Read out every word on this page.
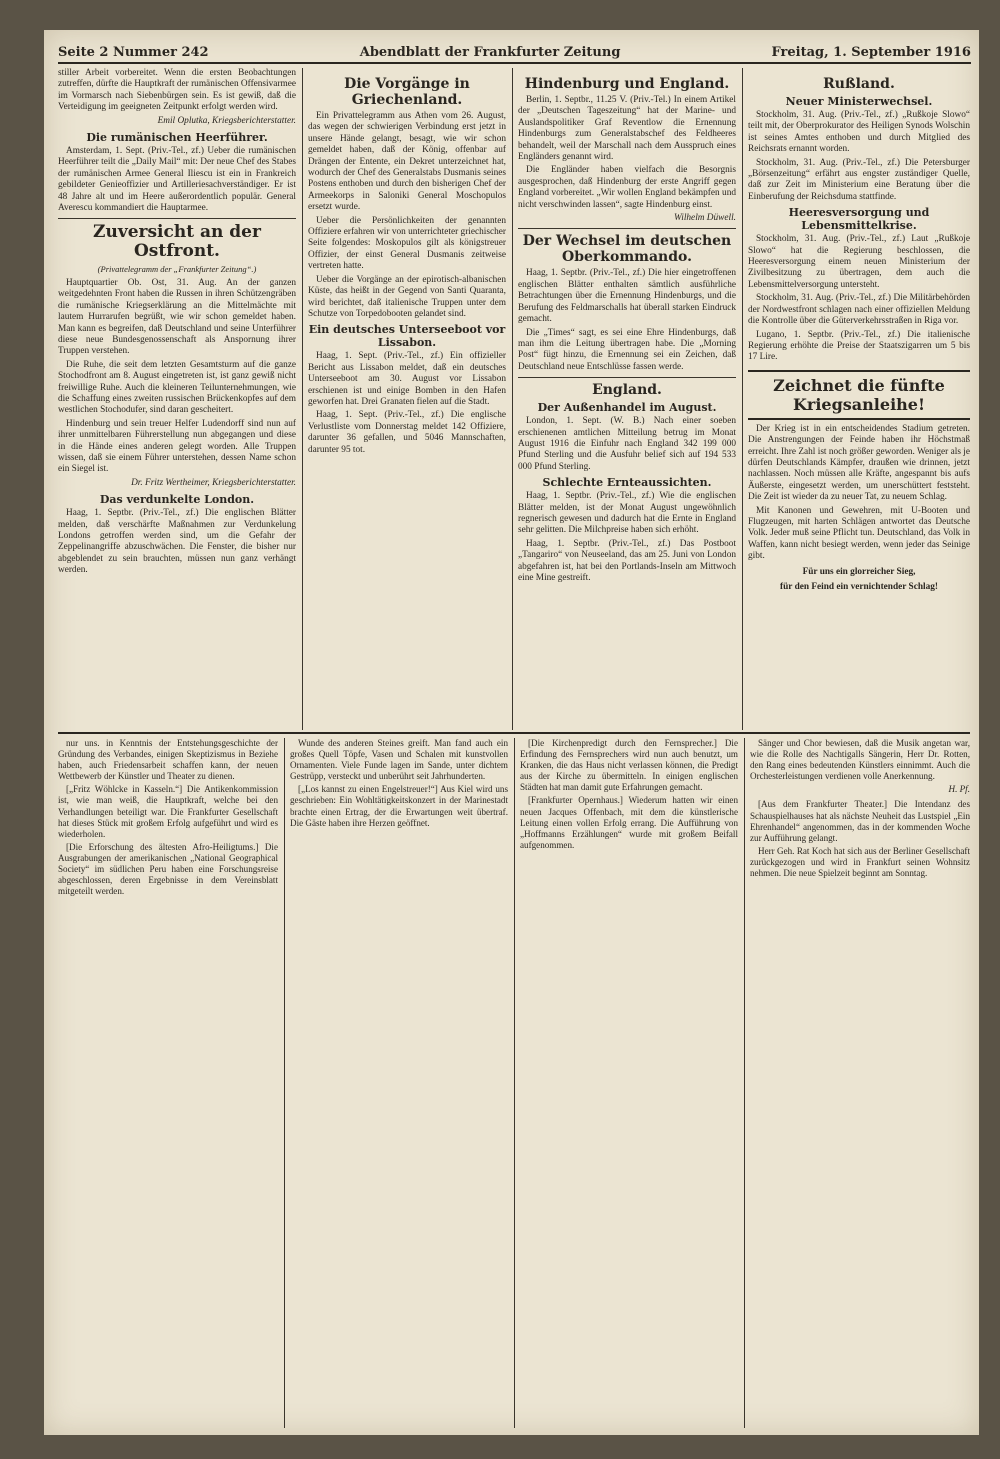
Seite 2 Nummer 242	Abendblatt der Frankfurter Zeitung	Freitag, 1. September 1916

stiller Arbeit vorbereitet. Wenn die ersten Beobachtungen zutreffen, dürfte die Hauptkraft der rumänischen Offensivarmee im Vormarsch nach Siebenbürgen sein. Es ist gewiß, daß die Verteidigung im geeigneten Zeitpunkt erfolgt werden wird.

Emil Oplutka, Kriegsberichterstatter.
Die rumänischen Heerführer.

Amsterdam, 1. Sept. (Priv.-Tel., zf.) Ueber die rumänischen Heerführer teilt die „Daily Mail“ mit: Der neue Chef des Stabes der rumänischen Armee General Iliescu ist ein in Frankreich gebildeter Genieoffizier und Artilleriesachverständiger. Er ist 48 Jahre alt und im Heere außerordentlich populär. General Averescu kommandiert die Hauptarmee.

Zuversicht an der Ostfront.
(Privattelegramm der „Frankfurter Zeitung“.)

Hauptquartier Ob. Ost, 31. Aug. An der ganzen weitgedehnten Front haben die Russen in ihren Schützengräben die rumänische Kriegserklärung an die Mittelmächte mit lautem Hurrarufen begrüßt, wie wir schon gemeldet haben. Man kann es begreifen, daß Deutschland und seine Unterführer diese neue Bundesgenossenschaft als Anspornung ihrer Truppen verstehen.

Die Ruhe, die seit dem letzten Gesamtsturm auf die ganze Stochodfront am 8. August eingetreten ist, ist ganz gewiß nicht freiwillige Ruhe. Auch die kleineren Teilunternehmungen, wie die Schaffung eines zweiten russischen Brückenkopfes auf dem westlichen Stochodufer, sind daran gescheitert.

Hindenburg und sein treuer Helfer Ludendorff sind nun auf ihrer unmittelbaren Führerstellung nun abgegangen und diese in die Hände eines anderen gelegt worden. Alle Truppen wissen, daß sie einem Führer unterstehen, dessen Name schon ein Siegel ist.

Dr. Fritz Wertheimer, Kriegsberichterstatter.
Das verdunkelte London.

Haag, 1. Septbr. (Priv.-Tel., zf.) Die englischen Blätter melden, daß verschärfte Maßnahmen zur Verdunkelung Londons getroffen werden sind, um die Gefahr der Zeppelinangriffe abzuschwächen. Die Fenster, die bisher nur abgeblendet zu sein brauchten, müssen nun ganz verhängt werden.

Die Vorgänge in Griechenland.

Ein Privattelegramm aus Athen vom 26. August, das wegen der schwierigen Verbindung erst jetzt in unsere Hände gelangt, besagt, wie wir schon gemeldet haben, daß der König, offenbar auf Drängen der Entente, ein Dekret unterzeichnet hat, wodurch der Chef des Generalstabs Dusmanis seines Postens enthoben und durch den bisherigen Chef der Armeekorps in Saloniki General Moschopulos ersetzt wurde.

Ueber die Persönlichkeiten der genannten Offiziere erfahren wir von unterrichteter griechischer Seite folgendes: Moskopulos gilt als königstreuer Offizier, der einst General Dusmanis zeitweise vertreten hatte.

Ueber die Vorgänge an der epirotisch-albanischen Küste, das heißt in der Gegend von Santi Quaranta, wird berichtet, daß italienische Truppen unter dem Schutze von Torpedobooten gelandet sind.

Ein deutsches Unterseeboot vor Lissabon.

Haag, 1. Sept. (Priv.-Tel., zf.) Ein offizieller Bericht aus Lissabon meldet, daß ein deutsches Unterseeboot am 30. August vor Lissabon erschienen ist und einige Bomben in den Hafen geworfen hat. Drei Granaten fielen auf die Stadt.

Haag, 1. Sept. (Priv.-Tel., zf.) Die englische Verlustliste vom Donnerstag meldet 142 Offiziere, darunter 36 gefallen, und 5046 Mannschaften, darunter 95 tot.

Hindenburg und England.

Berlin, 1. Septbr., 11.25 V. (Priv.-Tel.) In einem Artikel der „Deutschen Tageszeitung“ hat der Marine- und Auslandspolitiker Graf Reventlow die Ernennung Hindenburgs zum Generalstabschef des Feldheeres behandelt, weil der Marschall nach dem Ausspruch eines Engländers genannt wird.

Die Engländer haben vielfach die Besorgnis ausgesprochen, daß Hindenburg der erste Angriff gegen England vorbereitet. „Wir wollen England bekämpfen und nicht verschwinden lassen“, sagte Hindenburg einst.

Wilhelm Düwell.
Der Wechsel im deutschen Oberkommando.

Haag, 1. Septbr. (Priv.-Tel., zf.) Die hier eingetroffenen englischen Blätter enthalten sämtlich ausführliche Betrachtungen über die Ernennung Hindenburgs, und die Berufung des Feldmarschalls hat überall starken Eindruck gemacht.

Die „Times“ sagt, es sei eine Ehre Hindenburgs, daß man ihm die Leitung übertragen habe. Die „Morning Post“ fügt hinzu, die Ernennung sei ein Zeichen, daß Deutschland neue Entschlüsse fassen werde.

England.
Der Außenhandel im August.

London, 1. Sept. (W. B.) Nach einer soeben erschienenen amtlichen Mitteilung betrug im Monat August 1916 die Einfuhr nach England 342 199 000 Pfund Sterling und die Ausfuhr belief sich auf 194 533 000 Pfund Sterling.

Schlechte Ernteaussichten.

Haag, 1. Septbr. (Priv.-Tel., zf.) Wie die englischen Blätter melden, ist der Monat August ungewöhnlich regnerisch gewesen und dadurch hat die Ernte in England sehr gelitten. Die Milchpreise haben sich erhöht.

Haag, 1. Septbr. (Priv.-Tel., zf.) Das Postboot „Tangariro“ von Neuseeland, das am 25. Juni von London abgefahren ist, hat bei den Portlands-Inseln am Mittwoch eine Mine gestreift.

Rußland.
Neuer Ministerwechsel.

Stockholm, 31. Aug. (Priv.-Tel., zf.) „Rußkoje Slowo“ teilt mit, der Oberprokurator des Heiligen Synods Wolschin ist seines Amtes enthoben und durch Mitglied des Reichsrats ernannt worden.

Stockholm, 31. Aug. (Priv.-Tel., zf.) Die Petersburger „Börsenzeitung“ erfährt aus engster zuständiger Quelle, daß zur Zeit im Ministerium eine Beratung über die Einberufung der Reichsduma stattfinde.

Heeresversorgung und Lebensmittelkrise.

Stockholm, 31. Aug. (Priv.-Tel., zf.) Laut „Rußkoje Slowo“ hat die Regierung beschlossen, die Heeresversorgung einem neuen Ministerium der Zivilbesitzung zu übertragen, dem auch die Lebensmittelversorgung untersteht.

Stockholm, 31. Aug. (Priv.-Tel., zf.) Die Militärbehörden der Nordwestfront schlagen nach einer offiziellen Meldung die Kontrolle über die Güterverkehrsstraßen in Riga vor.

Lugano, 1. Septbr. (Priv.-Tel., zf.) Die italienische Regierung erhöhte die Preise der Staatszigarren um 5 bis 17 Lire.

Zeichnet die fünfte Kriegsanleihe!

Der Krieg ist in ein entscheidendes Stadium getreten. Die Anstrengungen der Feinde haben ihr Höchstmaß erreicht. Ihre Zahl ist noch größer geworden. Weniger als je dürfen Deutschlands Kämpfer, draußen wie drinnen, jetzt nachlassen. Noch müssen alle Kräfte, angespannt bis aufs Äußerste, eingesetzt werden, um unerschüttert feststeht. Die Zeit ist wieder da zu neuer Tat, zu neuem Schlag.

Mit Kanonen und Gewehren, mit U-Booten und Flugzeugen, mit harten Schlägen antwortet das Deutsche Volk. Jeder muß seine Pflicht tun. Deutschland, das Volk in Waffen, kann nicht besiegt werden, wenn jeder das Seinige gibt.

Für uns ein glorreicher Sieg,
für den Feind ein vernichtender Schlag!

nur uns. in Kenntnis der Entstehungsgeschichte der Gründung des Verbandes, einigen Skeptizismus in Beziehe haben, auch Friedensarbeit schaffen kann, der neuen Wettbewerb der Künstler und Theater zu dienen.

[„Fritz Wöhlcke in Kasseln.“] Die Antikenkommission ist, wie man weiß, die Hauptkraft, welche bei den Verhandlungen beteiligt war. Die Frankfurter Gesellschaft hat dieses Stück mit großem Erfolg aufgeführt und wird es wiederholen.

[Die Erforschung des ältesten Afro-Heiligtums.] Die Ausgrabungen der amerikanischen „National Geographical Society“ im südlichen Peru haben eine Forschungsreise abgeschlossen, deren Ergebnisse in dem Vereinsblatt mitgeteilt werden.

Wunde des anderen Steines greift. Man fand auch ein großes Quell Töpfe, Vasen und Schalen mit kunstvollen Ornamenten. Viele Funde lagen im Sande, unter dichtem Gestrüpp, versteckt und unberührt seit Jahrhunderten.

[„Los kannst zu einen Engelstreuer!“] Aus Kiel wird uns geschrieben: Ein Wohltätigkeitskonzert in der Marinestadt brachte einen Ertrag, der die Erwartungen weit übertraf. Die Gäste haben ihre Herzen geöffnet.

[Die Kirchenpredigt durch den Fernsprecher.] Die Erfindung des Fernsprechers wird nun auch benutzt, um Kranken, die das Haus nicht verlassen können, die Predigt aus der Kirche zu übermitteln. In einigen englischen Städten hat man damit gute Erfahrungen gemacht.

[Frankfurter Opernhaus.] Wiederum hatten wir einen neuen Jacques Offenbach, mit dem die künstlerische Leitung einen vollen Erfolg errang. Die Aufführung von „Hoffmanns Erzählungen“ wurde mit großem Beifall aufgenommen.

Sänger und Chor bewiesen, daß die Musik angetan war, wie die Rolle des Nachtigalls Sängerin, Herr Dr. Rotten, den Rang eines bedeutenden Künstlers einnimmt. Auch die Orchesterleistungen verdienen volle Anerkennung.

H. Pf.

[Aus dem Frankfurter Theater.] Die Intendanz des Schauspielhauses hat als nächste Neuheit das Lustspiel „Ein Ehrenhandel“ angenommen, das in der kommenden Woche zur Aufführung gelangt.

Herr Geh. Rat Koch hat sich aus der Berliner Gesellschaft zurückgezogen und wird in Frankfurt seinen Wohnsitz nehmen. Die neue Spielzeit beginnt am Sonntag.
